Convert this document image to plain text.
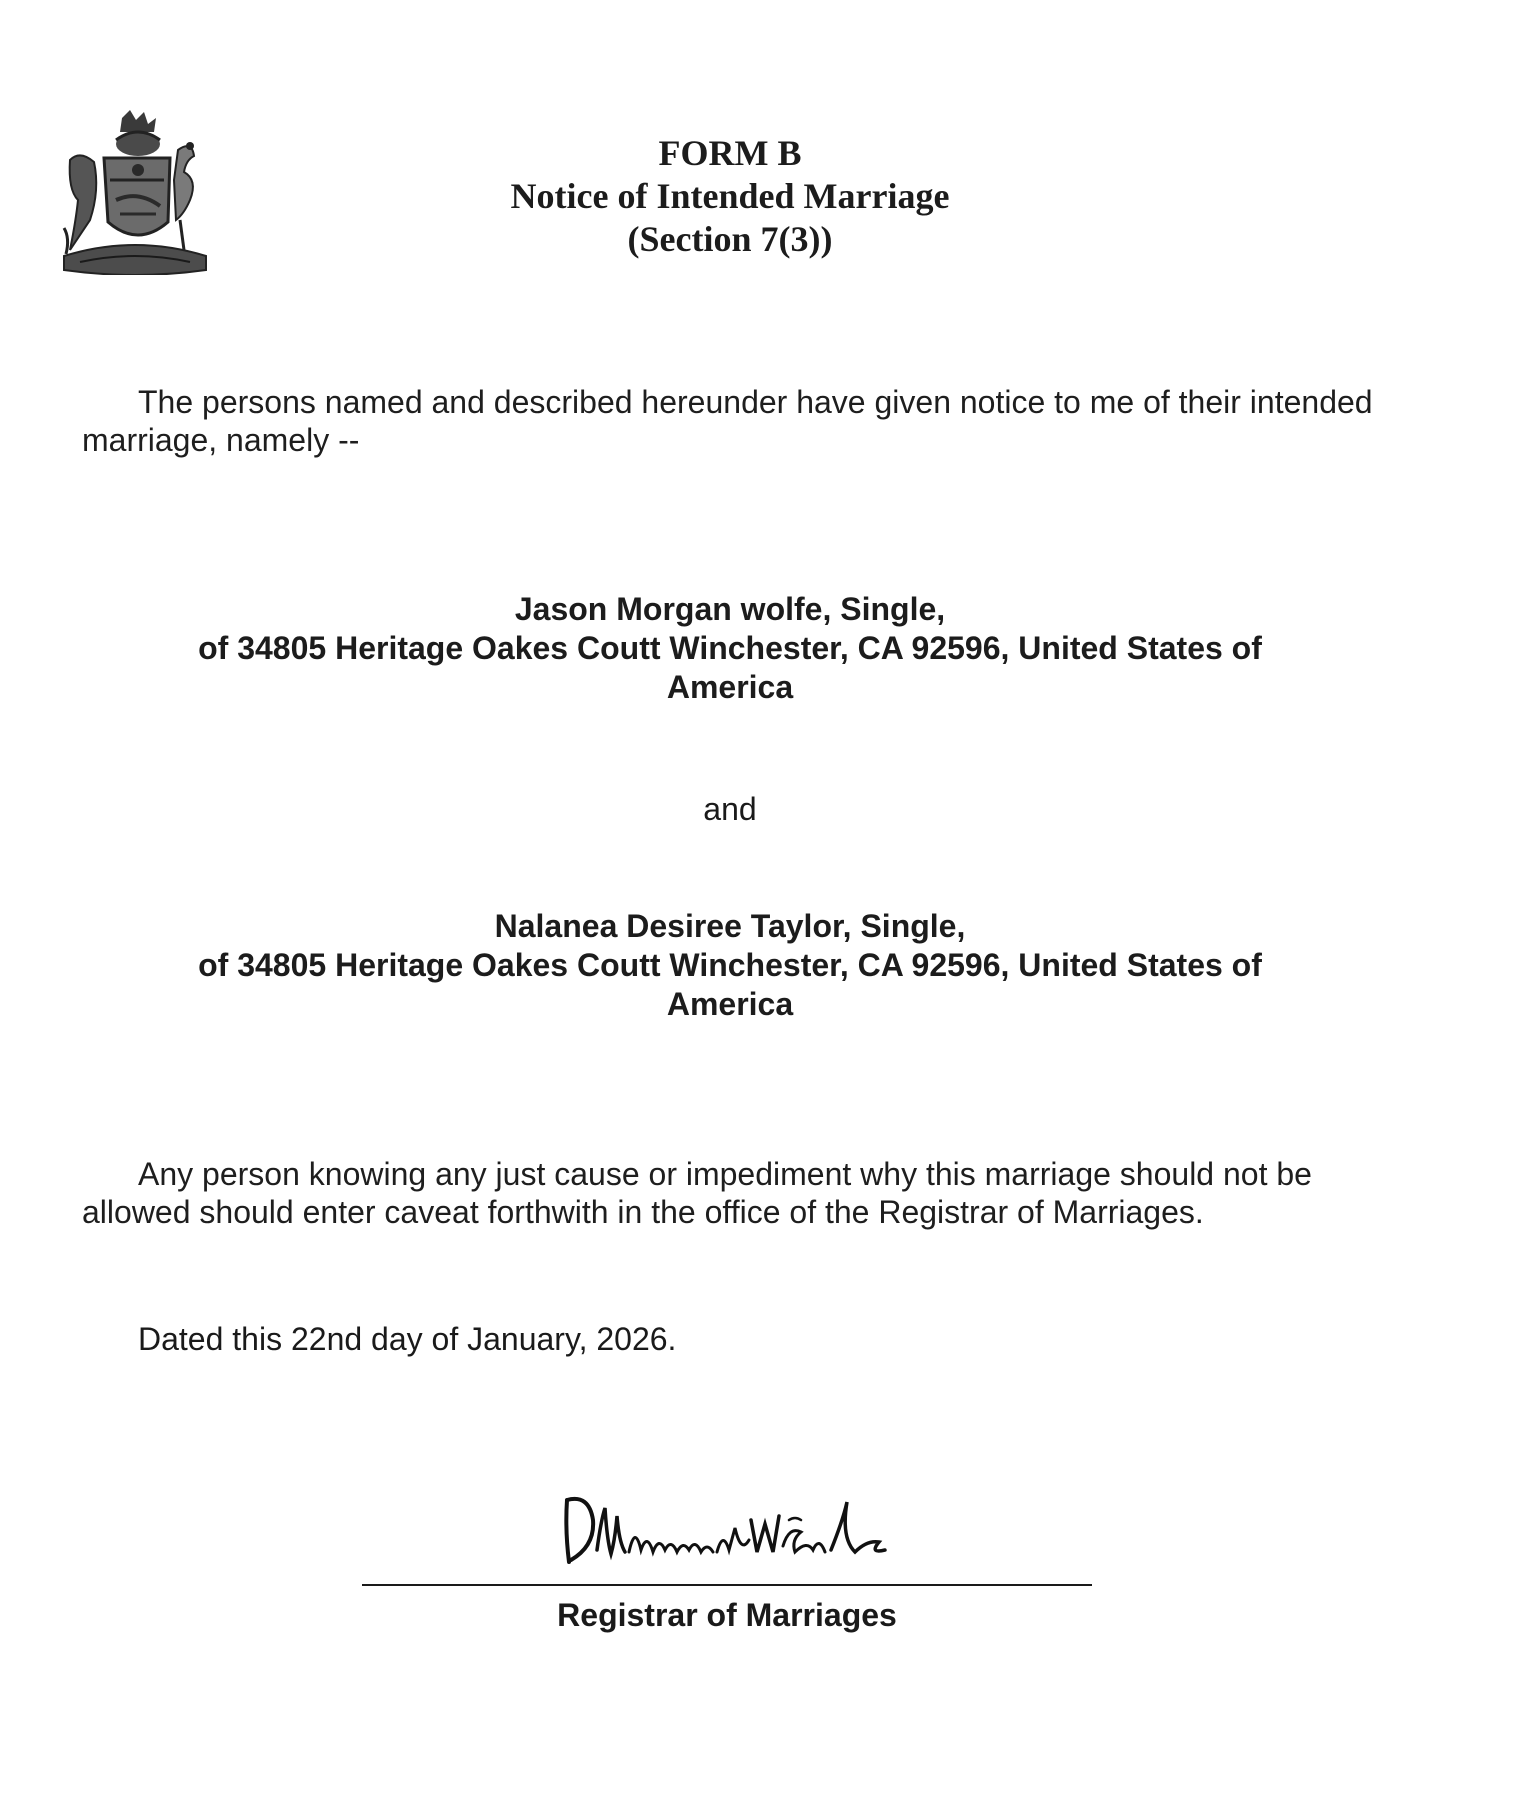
FORM B
Notice of Intended Marriage
(Section 7(3))
The persons named and described hereunder have given notice to me of their intended marriage, namely --
Jason Morgan wolfe, Single,
of 34805 Heritage Oakes Coutt Winchester, CA 92596, United States of
America
and
Nalanea Desiree Taylor, Single,
of 34805 Heritage Oakes Coutt Winchester, CA 92596, United States of
America
Any person knowing any just cause or impediment why this marriage should not be allowed should enter caveat forthwith in the office of the Registrar of Marriages.
Dated this 22nd day of January, 2026.
Registrar of Marriages
